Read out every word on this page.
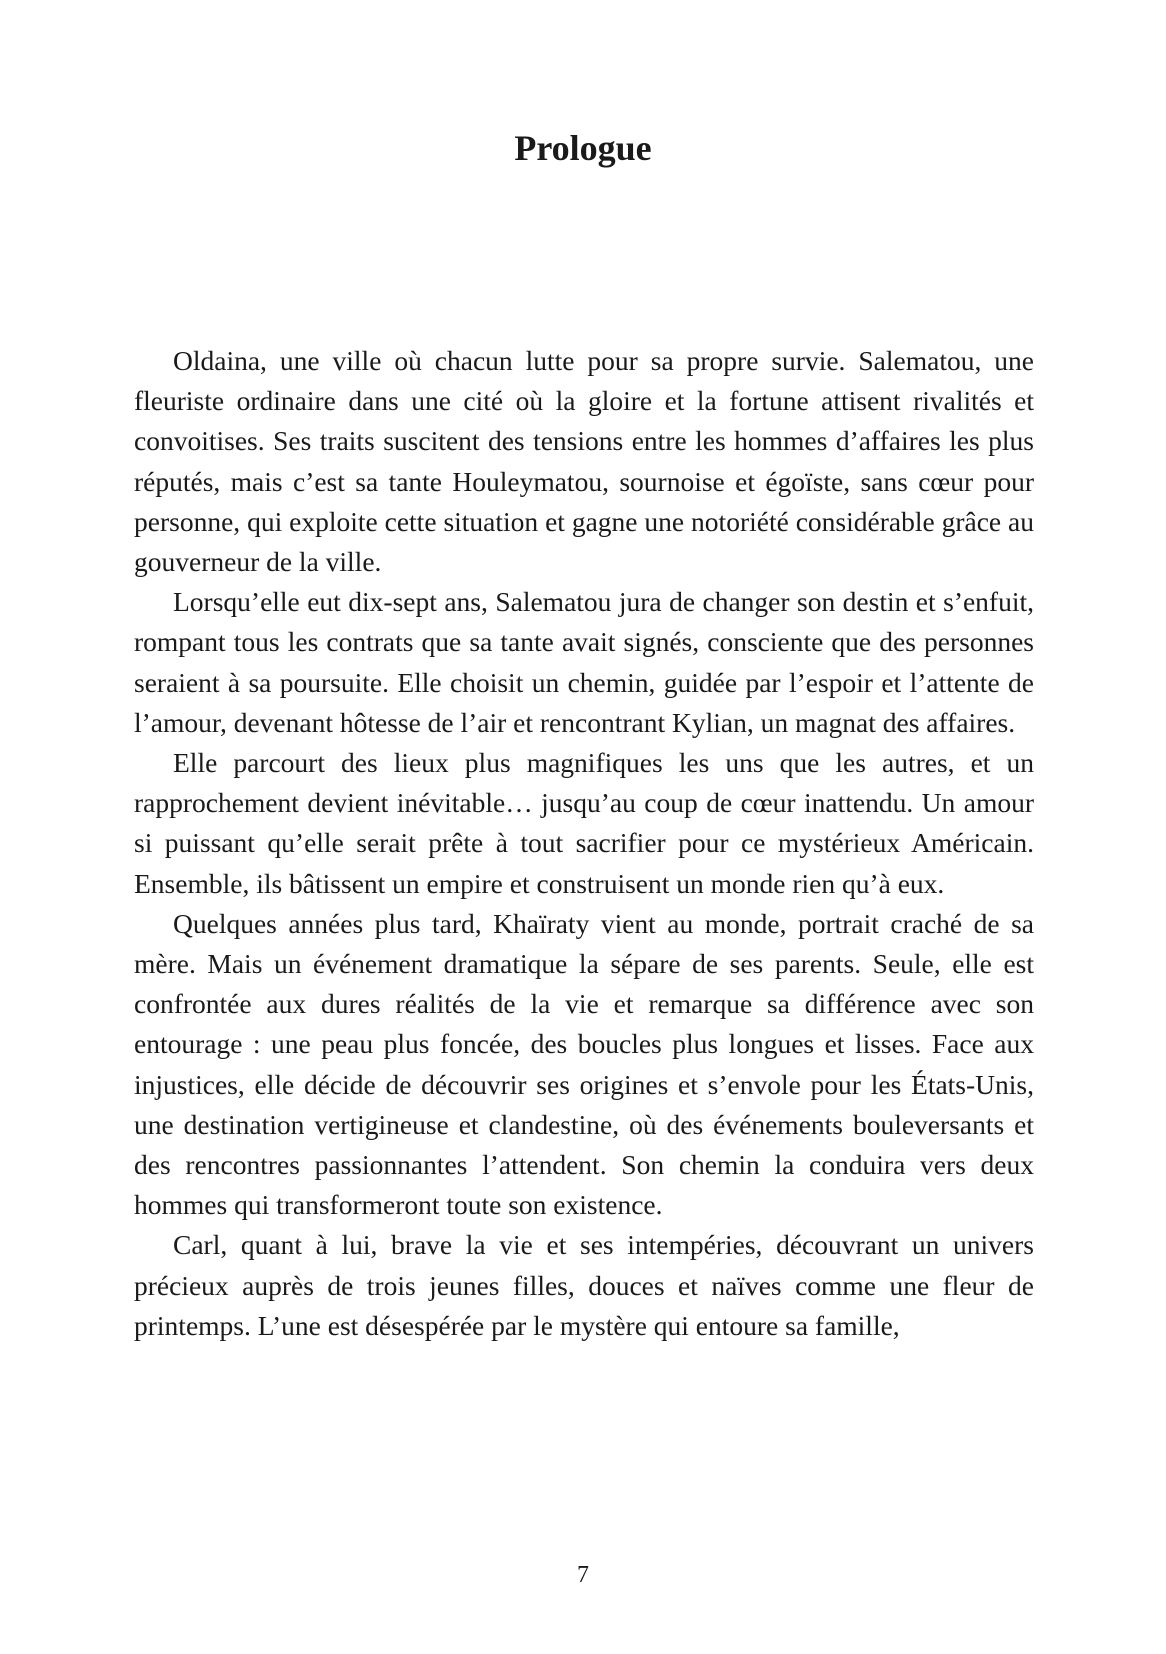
Prologue

Oldaina, une ville où chacun lutte pour sa propre survie. Salematou, une fleuriste ordinaire dans une cité où la gloire et la fortune attisent rivalités et convoitises. Ses traits suscitent des tensions entre les hommes d’affaires les plus réputés, mais c’est sa tante Houleymatou, sournoise et égoïste, sans cœur pour personne, qui exploite cette situation et gagne une notoriété considérable grâce au gouverneur de la ville.

Lorsqu’elle eut dix-sept ans, Salematou jura de changer son destin et s’enfuit, rompant tous les contrats que sa tante avait signés, consciente que des personnes seraient à sa poursuite. Elle choisit un chemin, guidée par l’espoir et l’attente de l’amour, devenant hôtesse de l’air et rencontrant Kylian, un magnat des affaires.

Elle parcourt des lieux plus magnifiques les uns que les autres, et un rapprochement devient inévitable… jusqu’au coup de cœur inattendu. Un amour si puissant qu’elle serait prête à tout sacrifier pour ce mystérieux Américain. Ensemble, ils bâtissent un empire et construisent un monde rien qu’à eux.

Quelques années plus tard, Khaïraty vient au monde, portrait craché de sa mère. Mais un événement dramatique la sépare de ses parents. Seule, elle est confrontée aux dures réalités de la vie et remarque sa différence avec son entourage : une peau plus foncée, des boucles plus longues et lisses. Face aux injustices, elle décide de découvrir ses origines et s’envole pour les États-Unis, une destination vertigineuse et clandestine, où des événements bouleversants et des rencontres passionnantes l’attendent. Son chemin la conduira vers deux hommes qui transformeront toute son existence.

Carl, quant à lui, brave la vie et ses intempéries, découvrant un univers précieux auprès de trois jeunes filles, douces et naïves comme une fleur de printemps. L’une est désespérée par le mystère qui entoure sa famille,

7
